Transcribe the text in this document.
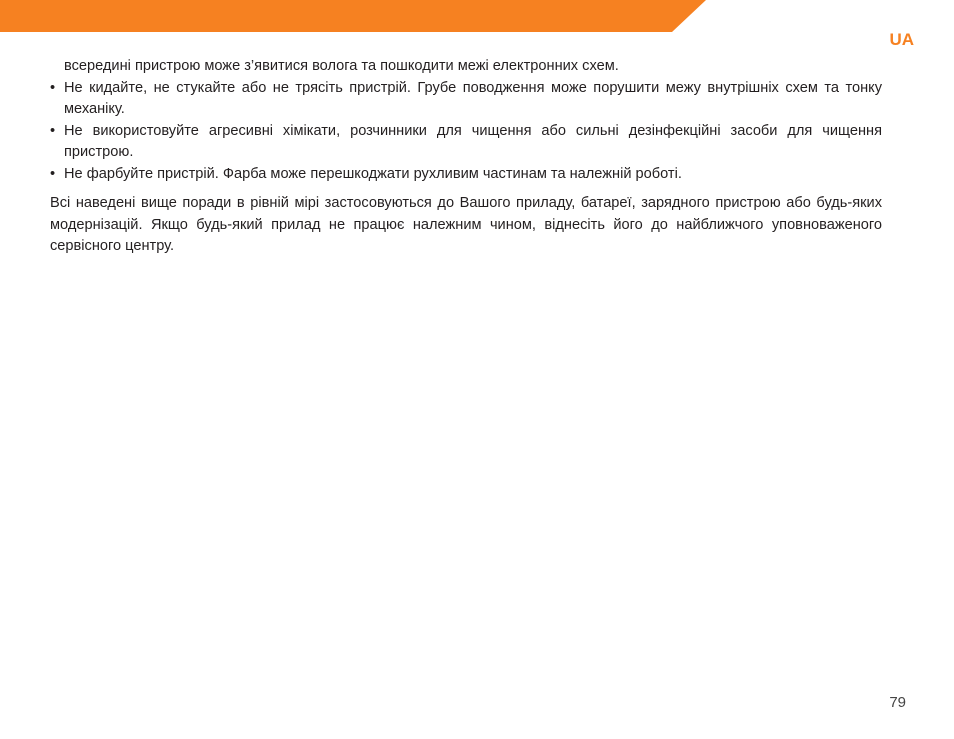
UA
всередині пристрою може з’явитися волога та пошкодити межі електронних схем.
• Не кидайте, не стукайте або не трясіть пристрій. Грубе поводження може порушити межу внутрішніх схем та тонку механіку.
• Не використовуйте агресивні хімікати, розчинники для чищення або сильні дезінфекційні засоби для чищення пристрою.
• Не фарбуйте пристрій. Фарба може перешкоджати рухливим частинам та належній роботі.

Всі наведені вище поради в рівній мірі застосовуються до Вашого приладу, батареї, зарядного пристрою або будь-яких модернізацій. Якщо будь-який прилад не працює належним чином, віднесіть його до найближчого уповноваженого сервісного центру.

79
